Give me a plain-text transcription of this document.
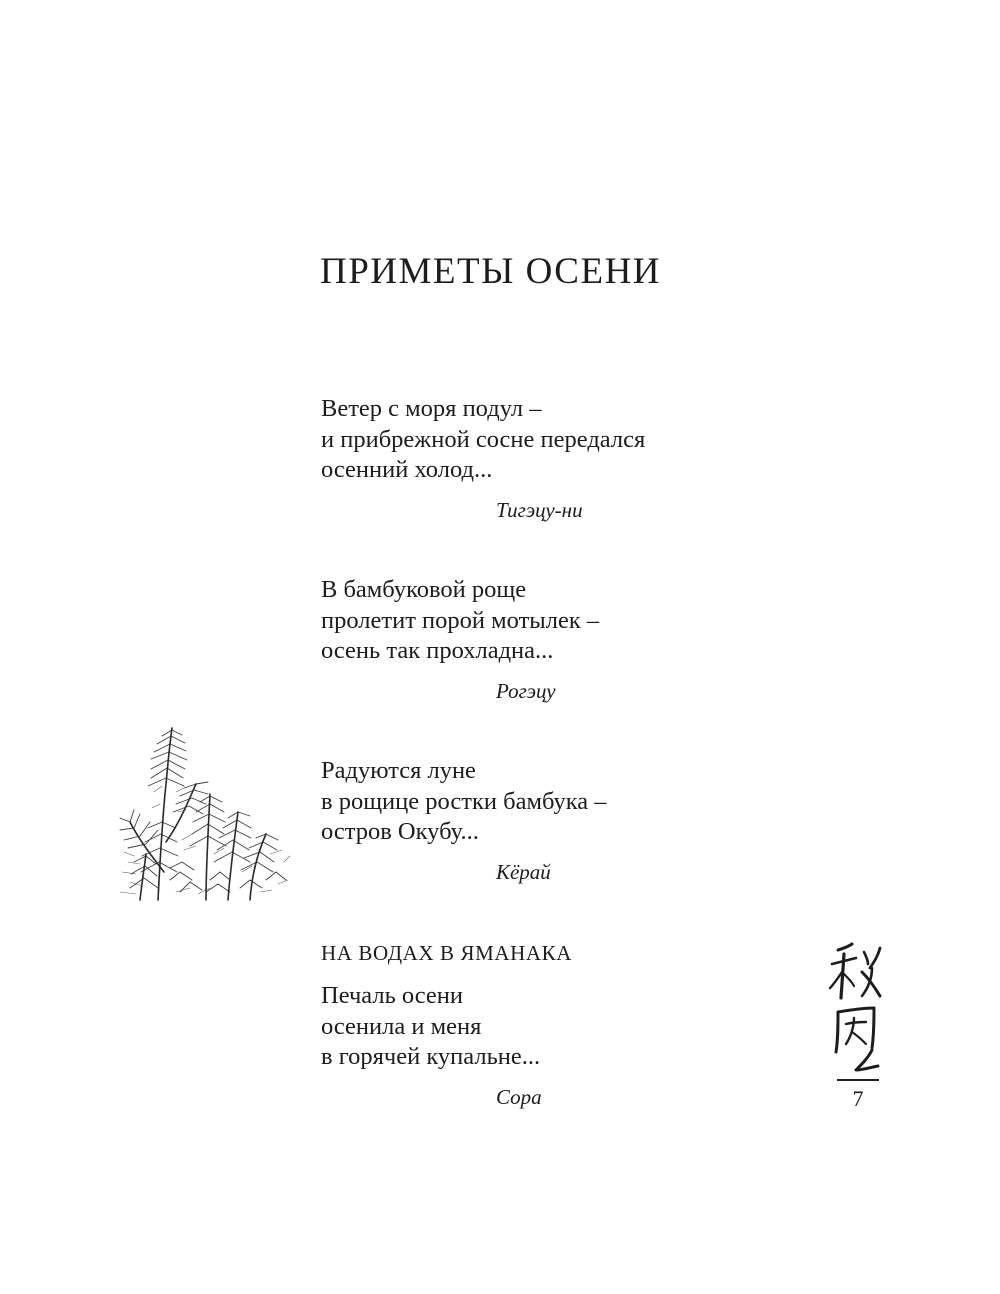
ПРИМЕТЫ ОСЕНИ
Ветер с моря подул –
и прибрежной сосне передался
осенний холод...
Тигэцу-ни
В бамбуковой роще
пролетит порой мотылек –
осень так прохладна...
Рогэцу
Радуются луне
в рощице ростки бамбука –
остров Окубу...
Кёрай
НА ВОДАХ В ЯМАНАКА
Печаль осени
осенила и меня
в горячей купальне...
Сора
秋風
7
